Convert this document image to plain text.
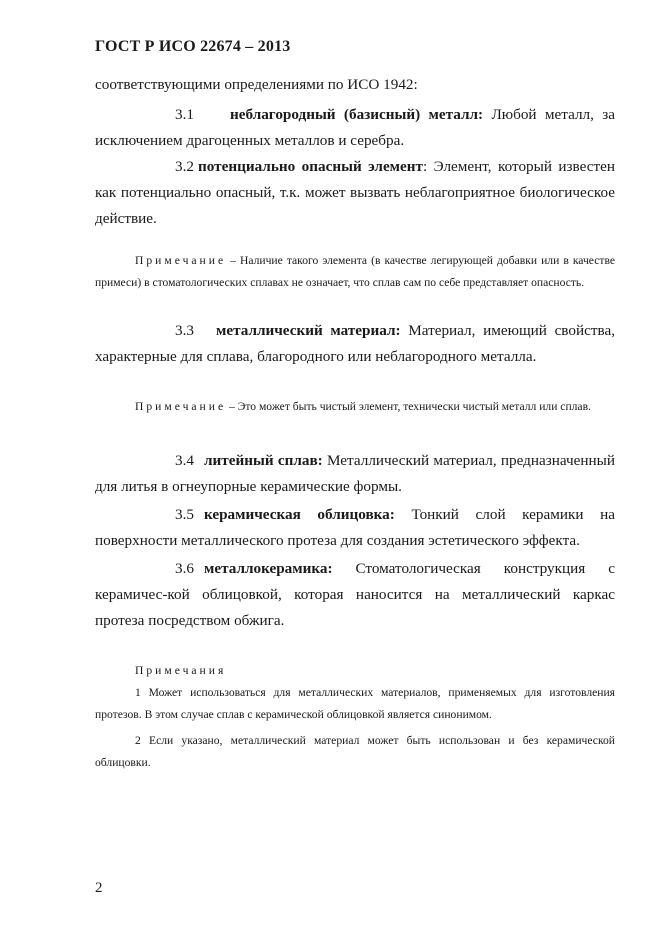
ГОСТ Р ИСО 22674 – 2013

соответствующими определениями по ИСО 1942:

3.1 неблагородный (базисный) металл: Любой металл, за исключением драгоценных металлов и серебра.

3.2 потенциально опасный элемент: Элемент, который известен как потенциально опасный, т.к. может вызвать неблагоприятное биологическое действие.

Примечание – Наличие такого элемента (в качестве легирующей добавки или в качестве примеси) в стоматологических сплавах не означает, что сплав сам по себе представляет опасность.

3.3 металлический материал: Материал, имеющий свойства, характерные для сплава, благородного или неблагородного металла.

Примечание – Это может быть чистый элемент, технически чистый металл или сплав.

3.4 литейный сплав: Металлический материал, предназначенный для литья в огнеупорные керамические формы.

3.5 керамическая облицовка: Тонкий слой керамики на поверхности металлического протеза для создания эстетического эффекта.

3.6 металлокерамика: Стоматологическая конструкция с керамичес-кой облицовкой, которая наносится на металлический каркас протеза посредством обжига.

Примечания

1 Может использоваться для металлических материалов, применяемых для изготовления протезов. В этом случае сплав с керамической облицовкой является синонимом.

2 Если указано, металлический материал может быть использован и без керамической облицовки.

2
